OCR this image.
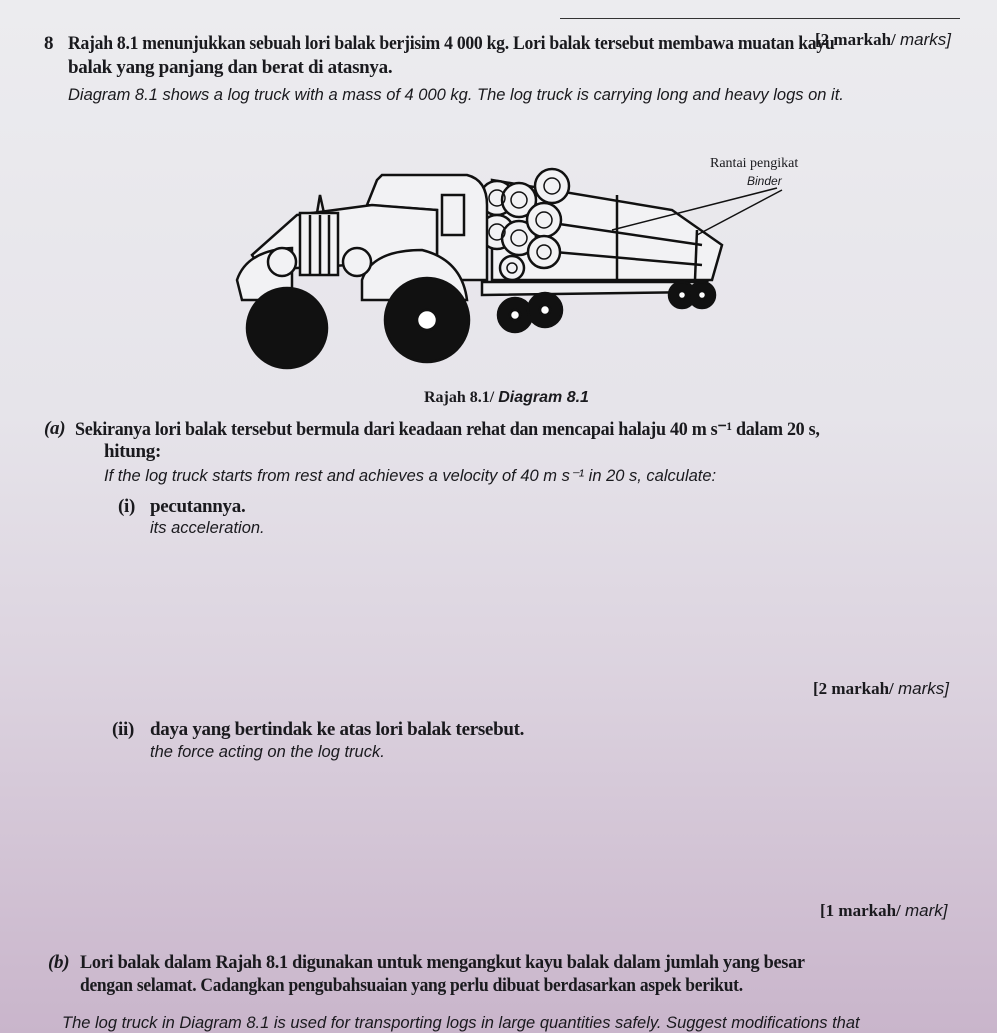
[2 markah/ marks]
8 Rajah 8.1 menunjukkan sebuah lori balak berjisim 4 000 kg. Lori balak tersebut membawa muatan kayu
balak yang panjang dan berat di atasnya.
Diagram 8.1 shows a log truck with a mass of 4 000 kg. The log truck is carrying long and heavy logs on it.
Rantai pengikat
Binder
Rajah 8.1/ Diagram 8.1
(a) Sekiranya lori balak tersebut bermula dari keadaan rehat dan mencapai halaju 40 m s⁻¹ dalam 20 s,
hitung:
If the log truck starts from rest and achieves a velocity of 40 m s⁻¹ in 20 s, calculate:
(i) pecutannya.
its acceleration.
[2 markah/ marks]
(ii) daya yang bertindak ke atas lori balak tersebut.
the force acting on the log truck.
[1 markah/ mark]
(b) Lori balak dalam Rajah 8.1 digunakan untuk mengangkut kayu balak dalam jumlah yang besar
dengan selamat. Cadangkan pengubahsuaian yang perlu dibuat berdasarkan aspek berikut.
The log truck in Diagram 8.1 is used for transporting logs in large quantities safely. Suggest modifications that
